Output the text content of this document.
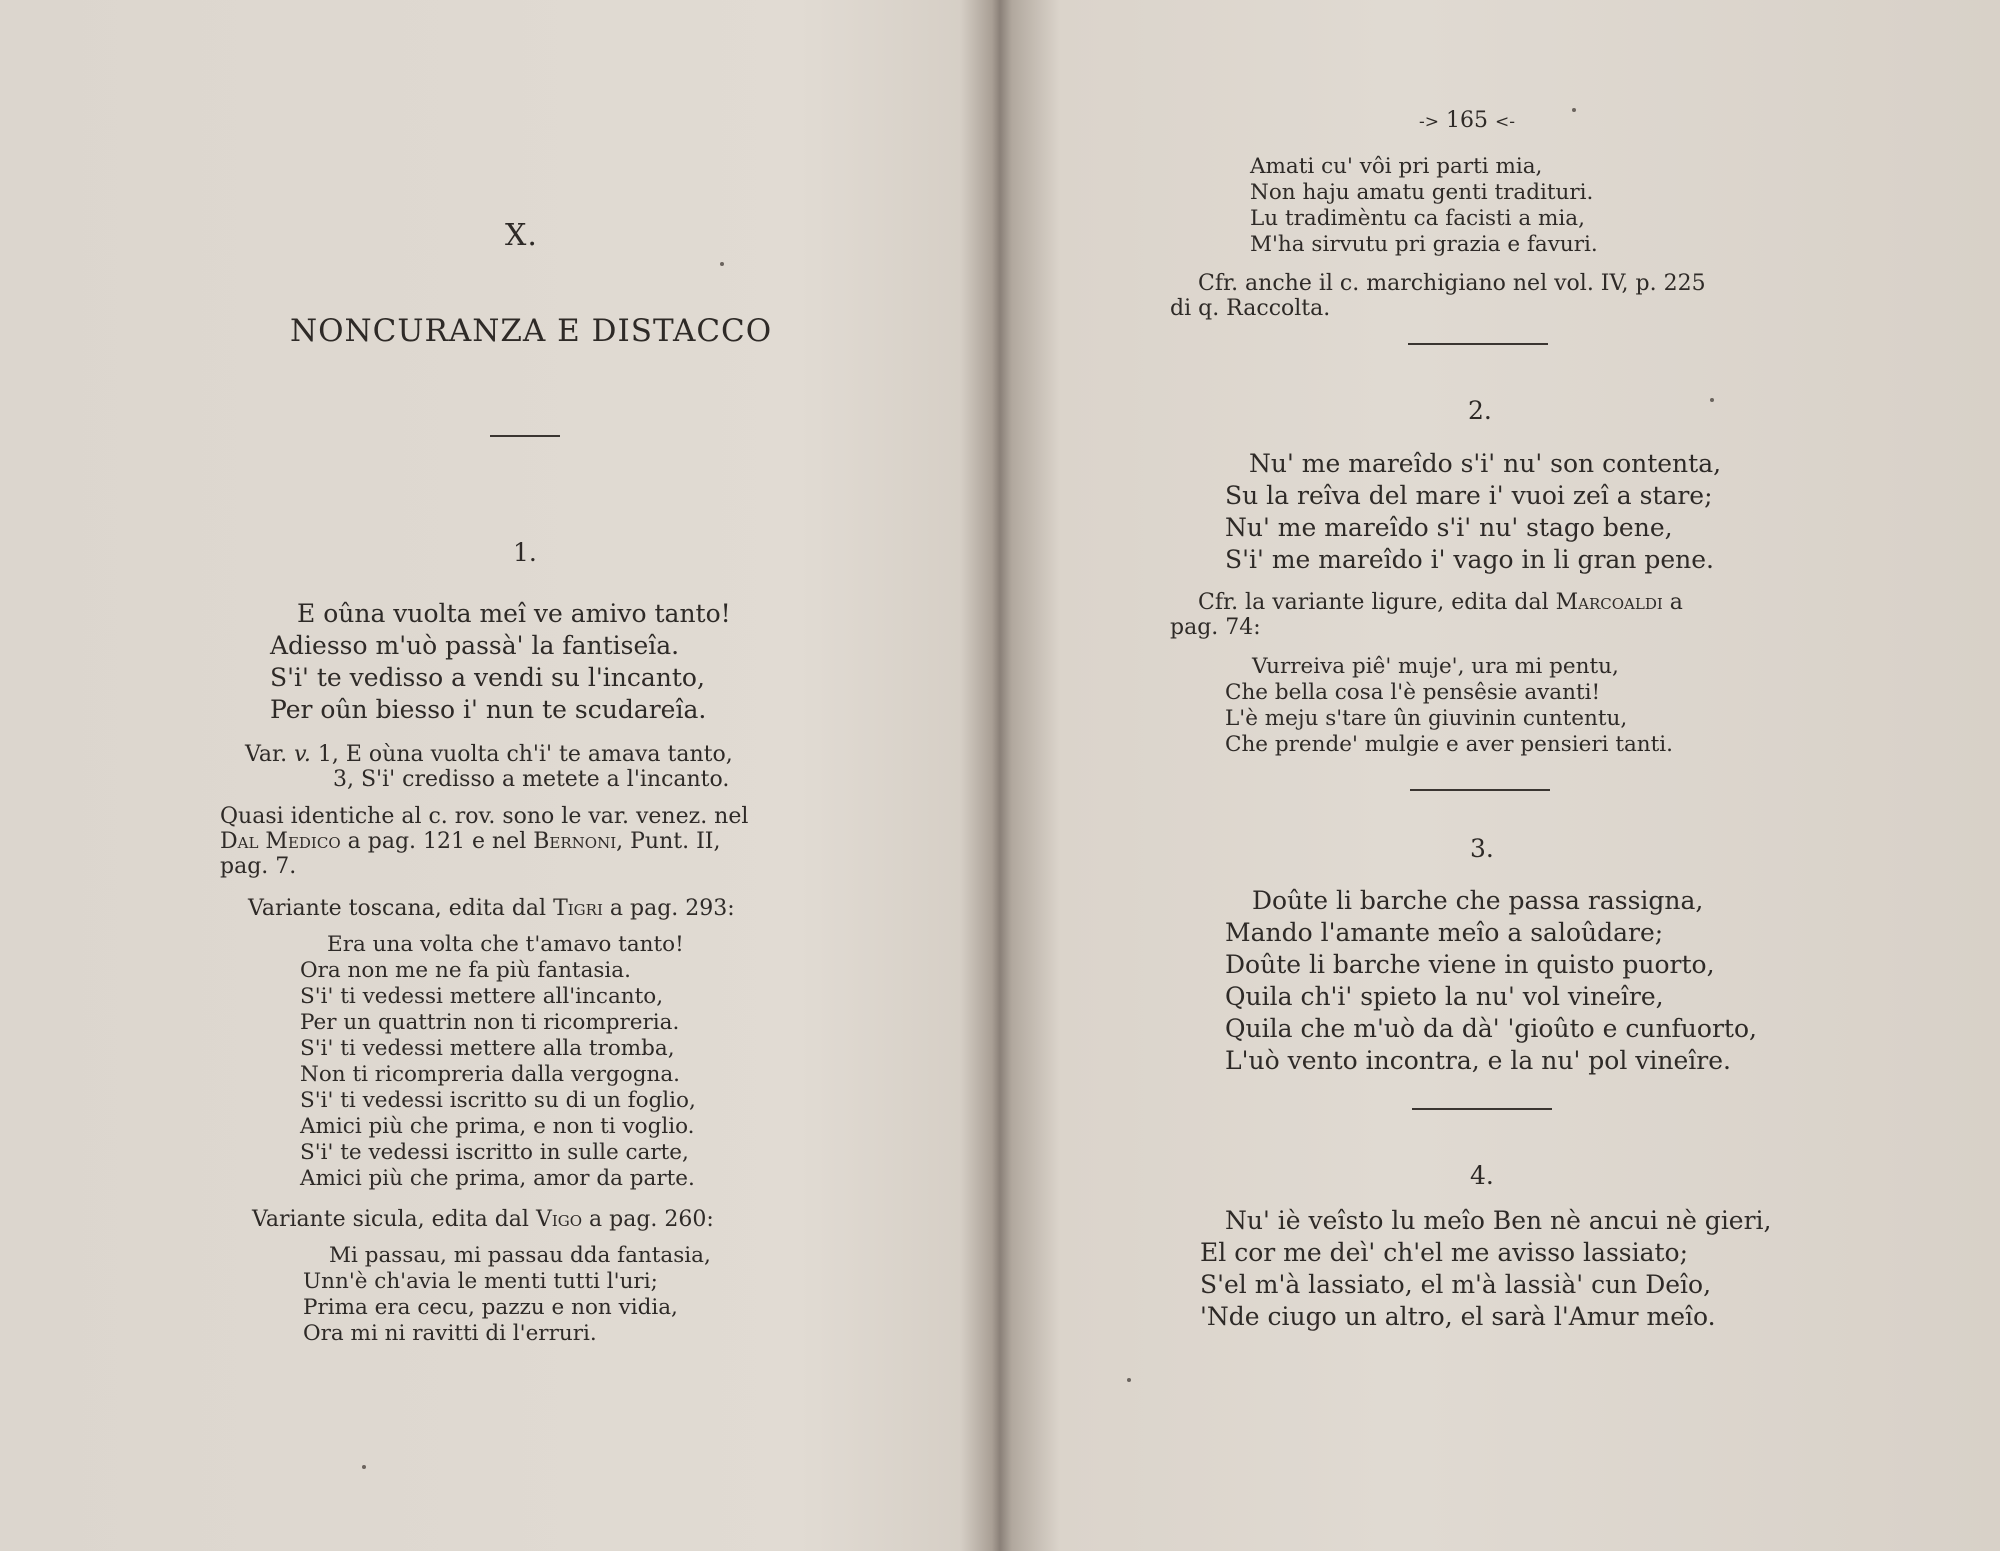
X.
NONCURANZA E DISTACCO
1.
E oûna vuolta meî ve amivo tanto!
Adiesso m'uò passà' la fantiseîa.
S'i' te vedisso a vendi su l'incanto,
Per oûn biesso i' nun te scudareîa.
Var. v. 1, E oùna vuolta ch'i' te amava tanto,
3, S'i' credisso a metete a l'incanto.
Quasi identiche al c. rov. sono le var. venez. nel
Dal Medico a pag. 121 e nel Bernoni, Punt. II,
pag. 7.
Variante toscana, edita dal Tigri a pag. 293:
Era una volta che t'amavo tanto!
Ora non me ne fa più fantasia.
S'i' ti vedessi mettere all'incanto,
Per un quattrin non ti ricompreria.
S'i' ti vedessi mettere alla tromba,
Non ti ricompreria dalla vergogna.
S'i' ti vedessi iscritto su di un foglio,
Amici più che prima, e non ti voglio.
S'i' te vedessi iscritto in sulle carte,
Amici più che prima, amor da parte.
Variante sicula, edita dal Vigo a pag. 260:
Mi passau, mi passau dda fantasia,
Unn'è ch'avia le menti tutti l'uri;
Prima era cecu, pazzu e non vidia,
Ora mi ni ravitti di l'erruri.
-> 165 <-
Amati cu' vôi pri parti mia,
Non haju amatu genti tradituri.
Lu tradimèntu ca facisti a mia,
M'ha sirvutu pri grazia e favuri.
Cfr. anche il c. marchigiano nel vol. IV, p. 225
di q. Raccolta.
2.
Nu' me mareîdo s'i' nu' son contenta,
Su la reîva del mare i' vuoi zeî a stare;
Nu' me mareîdo s'i' nu' stago bene,
S'i' me mareîdo i' vago in li gran pene.
Cfr. la variante ligure, edita dal Marcoaldi a
pag. 74:
Vurreiva piê' muje', ura mi pentu,
Che bella cosa l'è pensêsie avanti!
L'è meju s'tare ûn giuvinin cuntentu,
Che prende' mulgie e aver pensieri tanti.
3.
Doûte li barche che passa rassigna,
Mando l'amante meîo a saloûdare;
Doûte li barche viene in quisto puorto,
Quila ch'i' spieto la nu' vol vineîre,
Quila che m'uò da dà' 'gioûto e cunfuorto,
L'uò vento incontra, e la nu' pol vineîre.
4.
Nu' iè veîsto lu meîo Ben nè ancui nè gieri,
El cor me deì' ch'el me avisso lassiato;
S'el m'à lassiato, el m'à lassià' cun Deîo,
'Nde ciugo un altro, el sarà l'Amur meîo.
